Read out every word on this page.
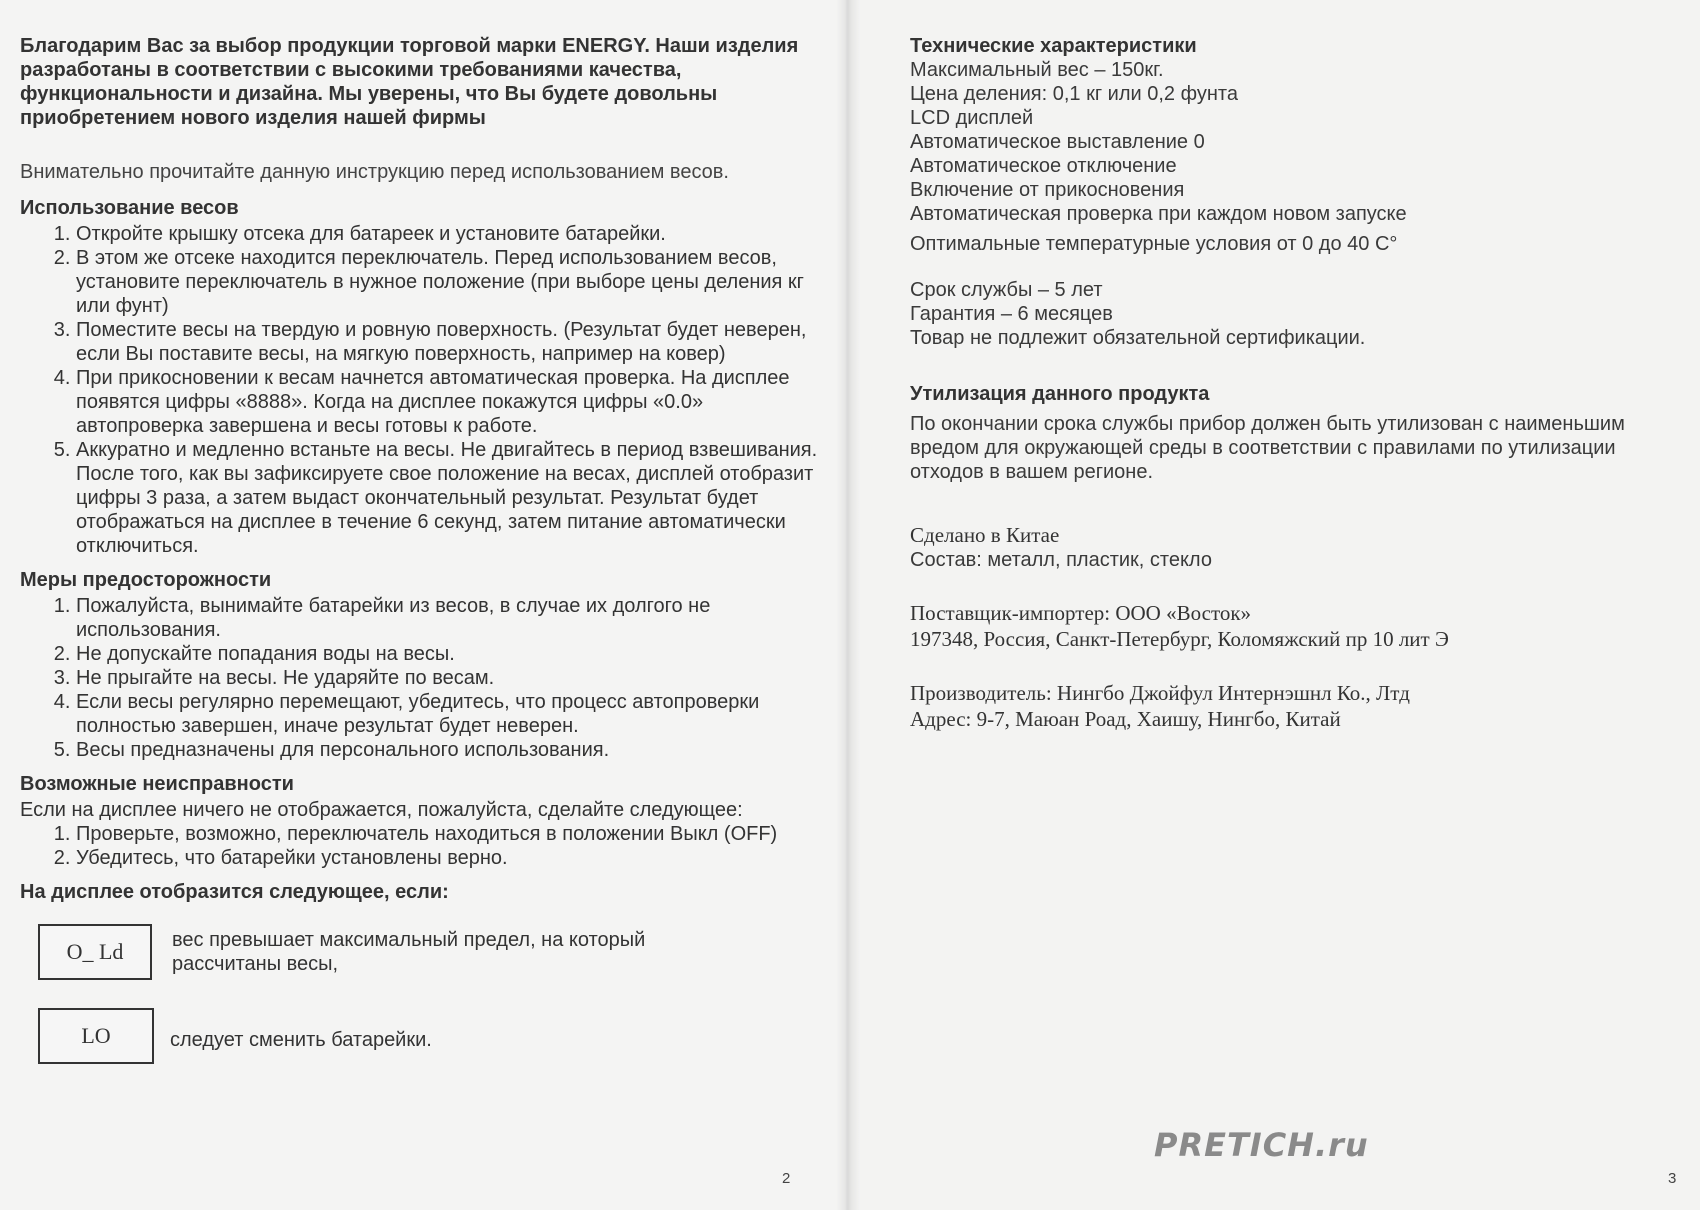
Благодарим Вас за выбор продукции торговой марки ENERGY. Наши изделия разработаны в соответствии с высокими требованиями качества, функциональности и дизайна. Мы уверены, что Вы будете довольны приобретением нового изделия нашей фирмы

Внимательно прочитайте данную инструкцию перед использованием весов.

Использование весов
1. Откройте крышку отсека для батареек и установите батарейки.
2. В этом же отсеке находится переключатель. Перед использованием весов, установите переключатель в нужное положение (при выборе цены деления кг или фунт)
3. Поместите весы на твердую и ровную поверхность. (Результат будет неверен, если Вы поставите весы, на мягкую поверхность, например на ковер)
4. При прикосновении к весам начнется автоматическая проверка. На дисплее появятся цифры «8888». Когда на дисплее покажутся цифры «0.0» автопроверка завершена и весы готовы к работе.
5. Аккуратно и медленно встаньте на весы. Не двигайтесь в период взвешивания. После того, как вы зафиксируете свое положение на весах, дисплей отобразит цифры 3 раза, а затем выдаст окончательный результат. Результат будет отображаться на дисплее в течение 6 секунд, затем питание автоматически отключиться.
Меры предосторожности
1. Пожалуйста, вынимайте батарейки из весов, в случае их долгого не использования.
2. Не допускайте попадания воды на весы.
3. Не прыгайте на весы. Не ударяйте по весам.
4. Если весы регулярно перемещают, убедитесь, что процесс автопроверки полностью завершен, иначе результат будет неверен.
5. Весы предназначены для персонального использования.
Возможные неисправности

Если на дисплее ничего не отображается, пожалуйста, сделайте следующее:

1. Проверьте, возможно, переключатель находиться в положении Выкл (OFF)
2. Убедитесь, что батарейки установлены верно.
На дисплее отобразится следующее, если:
O_ Ld	вес превышает максимальный предел, на который рассчитаны весы,
LO	следует сменить батарейки.
2

Технические характеристики

Максимальный вес – 150кг.

Цена деления: 0,1 кг или 0,2 фунта

LCD дисплей

Автоматическое выставление 0

Автоматическое отключение

Включение от прикосновения

Автоматическая проверка при каждом новом запуске

Оптимальные температурные условия от 0 до 40 С°

Срок службы – 5 лет

Гарантия – 6 месяцев

Товар не подлежит обязательной сертификации.

Утилизация данного продукта

По окончании срока службы прибор должен быть утилизован с наименьшим вредом для окружающей среды в соответствии с правилами по утилизации отходов в вашем регионе.

Сделано в Китае

Состав: металл, пластик, стекло

Поставщик-импортер: ООО «Восток»

197348, Россия, Санкт-Петербург, Коломяжский пр 10 лит Э

Производитель: Нингбо Джойфул Интернэшнл Ко., Лтд

Адрес: 9-7, Маюан Роад, Хаишу, Нингбо, Китай

3
PRETICH.ru
